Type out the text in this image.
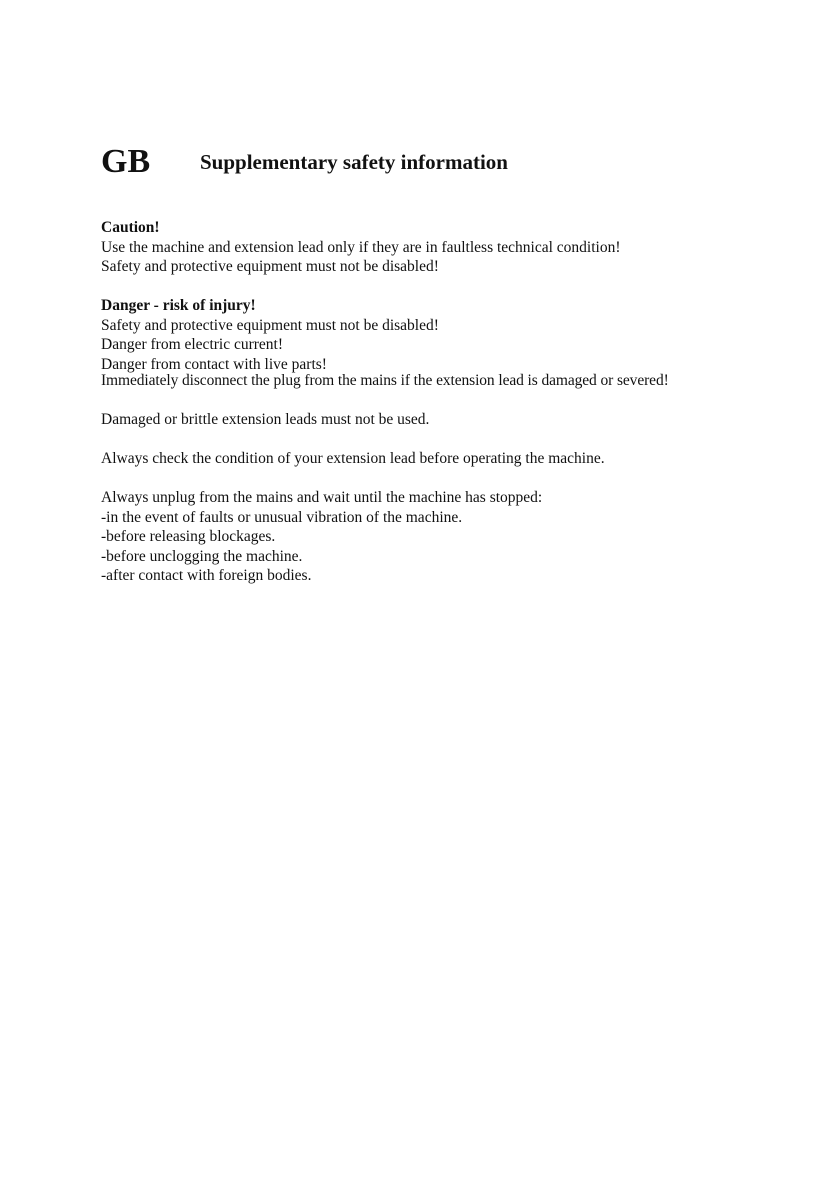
GB Supplementary safety information
Caution!
Use the machine and extension lead only if they are in faultless technical condition!
Safety and protective equipment must not be disabled!
Danger - risk of injury!
Safety and protective equipment must not be disabled!
Danger from electric current!
Danger from contact with live parts!
Immediately disconnect the plug from the mains if the extension lead is damaged or severed!
Damaged or brittle extension leads must not be used.
Always check the condition of your extension lead before operating the machine.
Always unplug from the mains and wait until the machine has stopped:
-in the event of faults or unusual vibration of the machine.
-before releasing blockages.
-before unclogging the machine.
-after contact with foreign bodies.
